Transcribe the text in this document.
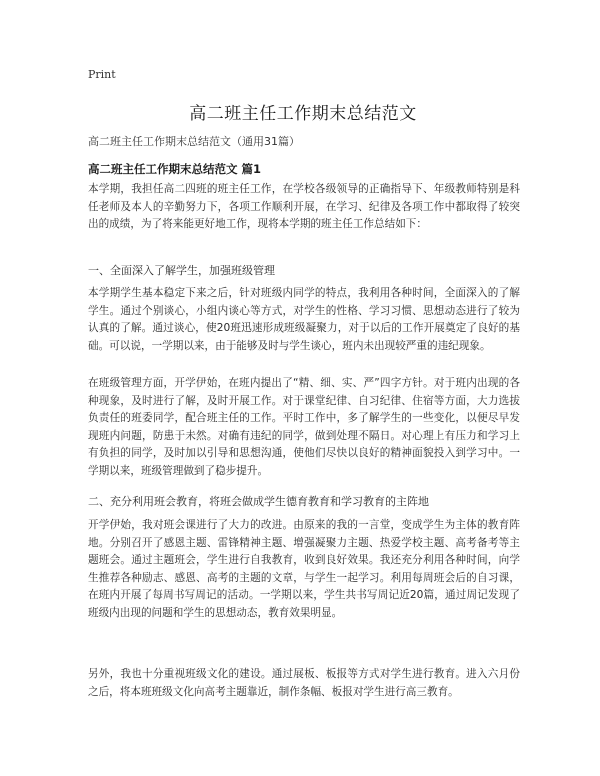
Print
高二班主任工作期末总结范文
高二班主任工作期末总结范文（通用31篇）
高二班主任工作期末总结范文 篇1

本学期，我担任高二四班的班主任工作，在学校各级领导的正确指导下、年级教师特别是科任老师及本人的辛勤努力下，各项工作顺利开展，在学习、纪律及各项工作中都取得了较突出的成绩，为了将来能更好地工作，现将本学期的班主任工作总结如下：

一、全面深入了解学生，加强班级管理

本学期学生基本稳定下来之后，针对班级内同学的特点，我利用各种时间，全面深入的了解学生。通过个别谈心，小组内谈心等方式，对学生的性格、学习习惯、思想动态进行了较为认真的了解。通过谈心，使20班迅速形成班级凝聚力，对于以后的工作开展奠定了良好的基础。可以说，一学期以来，由于能够及时与学生谈心，班内未出现较严重的违纪现象。

在班级管理方面，开学伊始，在班内提出了“精、细、实、严”四字方针。对于班内出现的各种现象，及时进行了解，及时开展工作。对于课堂纪律、自习纪律、住宿等方面，大力选拔负责任的班委同学，配合班主任的工作。平时工作中，多了解学生的一些变化，以便尽早发现班内问题，防患于未然。对确有违纪的同学，做到处理不隔日。对心理上有压力和学习上有负担的同学，及时加以引导和思想沟通，使他们尽快以良好的精神面貌投入到学习中。一学期以来，班级管理做到了稳步提升。

二、充分利用班会教育，将班会做成学生德育教育和学习教育的主阵地

开学伊始，我对班会课进行了大力的改进。由原来的我的一言堂，变成学生为主体的教育阵地。分别召开了感恩主题、雷锋精神主题、增强凝聚力主题、热爱学校主题、高考备考等主题班会。通过主题班会，学生进行自我教育，收到良好效果。我还充分利用各种时间，向学生推荐各种励志、感恩、高考的主题的文章，与学生一起学习。利用每周班会后的自习课，在班内开展了每周书写周记的活动。一学期以来，学生共书写周记近20篇，通过周记发现了班级内出现的问题和学生的思想动态，教育效果明显。

另外，我也十分重视班级文化的建设。通过展板、板报等方式对学生进行教育。进入六月份之后，将本班班级文化向高考主题靠近，制作条幅、板报对学生进行高三教育。
